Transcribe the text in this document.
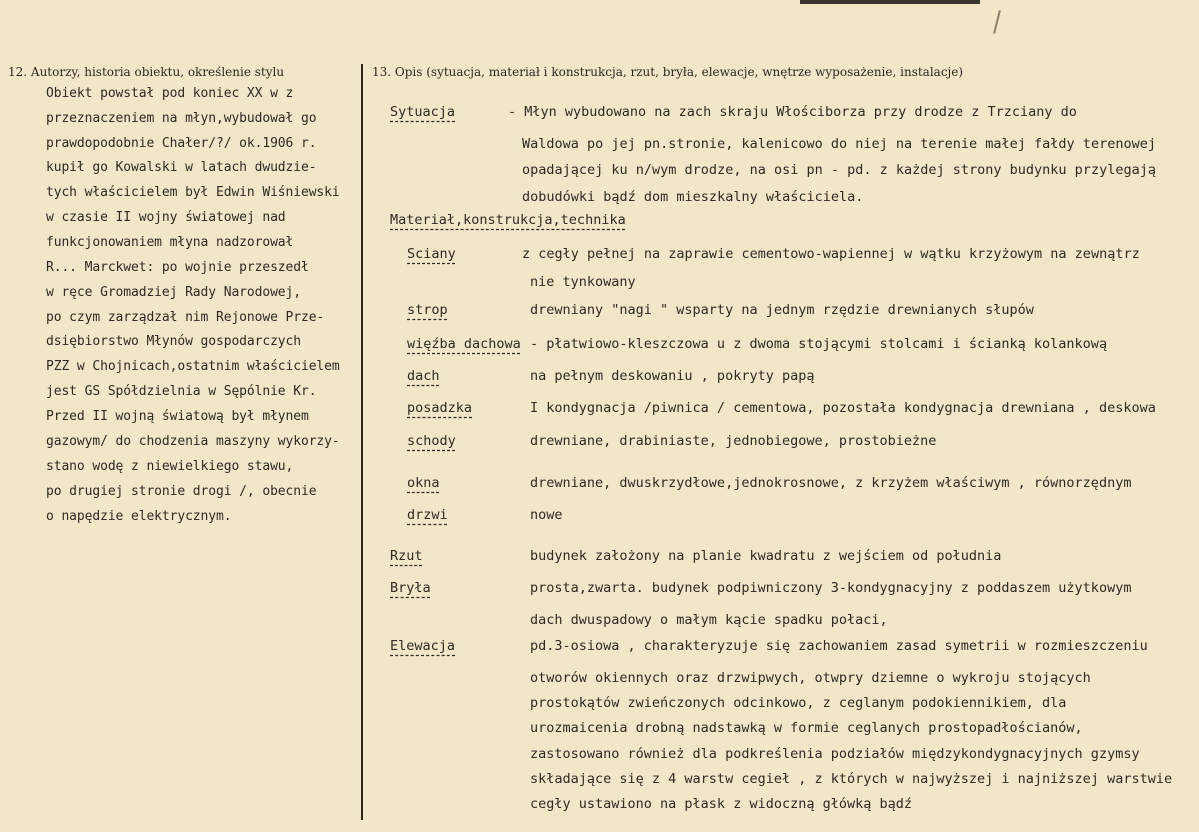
12. Autorzy, historia obiektu, określenie stylu	13. Opis (sytuacja, materiał i konstrukcja, rzut, bryła, elewacje, wnętrze wyposażenie, instalacje)
Obiekt powstał pod koniec XX w z
przeznaczeniem na młyn,wybudował go
prawdopodobnie Chałer/?/ ok.1906 r.
kupił go Kowalski w latach dwudzie-
tych właścicielem był Edwin Wiśniewski
w czasie II wojny światowej nad
funkcjonowaniem młyna nadzorował
R... Marckwet: po wojnie przeszedł
w ręce Gromadziej Rady Narodowej,
po czym zarządzał nim Rejonowe Prze-
dsiębiorstwo Młynów gospodarczych
PZZ w Chojnicach,ostatnim właścicielem
jest GS Spółdzielnia w Sępólnie Kr.
Przed II wojną światową był młynem
gazowym/ do chodzenia maszyny wykorzy-
stano wodę z niewielkiego stawu,
po drugiej stronie drogi /, obecnie
o napędzie elektrycznym.
Sytuacja	- Młyn wybudowano na zach skraju Włościborza przy drodze z Trzciany do
Waldowa po jej pn.stronie, kalenicowo do niej na terenie małej fałdy terenowej
opadającej ku n/wym drodze, na osi pn - pd. z każdej strony budynku przylegają
dobudówki bądź dom mieszkalny właściciela.
Materiał,konstrukcja,technika
Sciany	z cegły pełnej na zaprawie cementowo-wapiennej w wątku krzyżowym na zewnątrz
nie tynkowany
strop	drewniany "nagi " wsparty na jednym rzędzie drewnianych słupów
więźba dachowa - płatwiowo-kleszczowa u z dwoma stojącymi stolcami i ścianką kolankową
dach	na pełnym deskowaniu , pokryty papą
posadzka	I kondygnacja /piwnica / cementowa, pozostała kondygnacja drewniana , deskowa
schody	drewniane, drabiniaste, jednobiegowe, prostobieżne
okna	drewniane, dwuskrzydłowe,jednokrosnowe, z krzyżem właściwym , równorzędnym
drzwi	nowe
Rzut	budynek założony na planie kwadratu z wejściem od południa
Bryła	prosta,zwarta. budynek podpiwniczony 3-kondygnacyjny z poddaszem użytkowym
dach dwuspadowy o małym kącie spadku połaci,
Elewacja	pd.3-osiowa , charakteryzuje się zachowaniem zasad symetrii w rozmieszczeniu
otworów okiennych oraz drzwipwych, otwpry dziemne o wykroju stojących
prostokątów zwieńczonych odcinkowo, z ceglanym podokiennikiem, dla
urozmaicenia drobną nadstawką w formie ceglanych prostopadłościanów,
zastosowano również dla podkreślenia podziałów międzykondygnacyjnych gzymsy
składające się z 4 warstw cegieł , z których w najwyższej i najniższej warstwie
cegły ustawiono na płask z widoczną główką bądź
